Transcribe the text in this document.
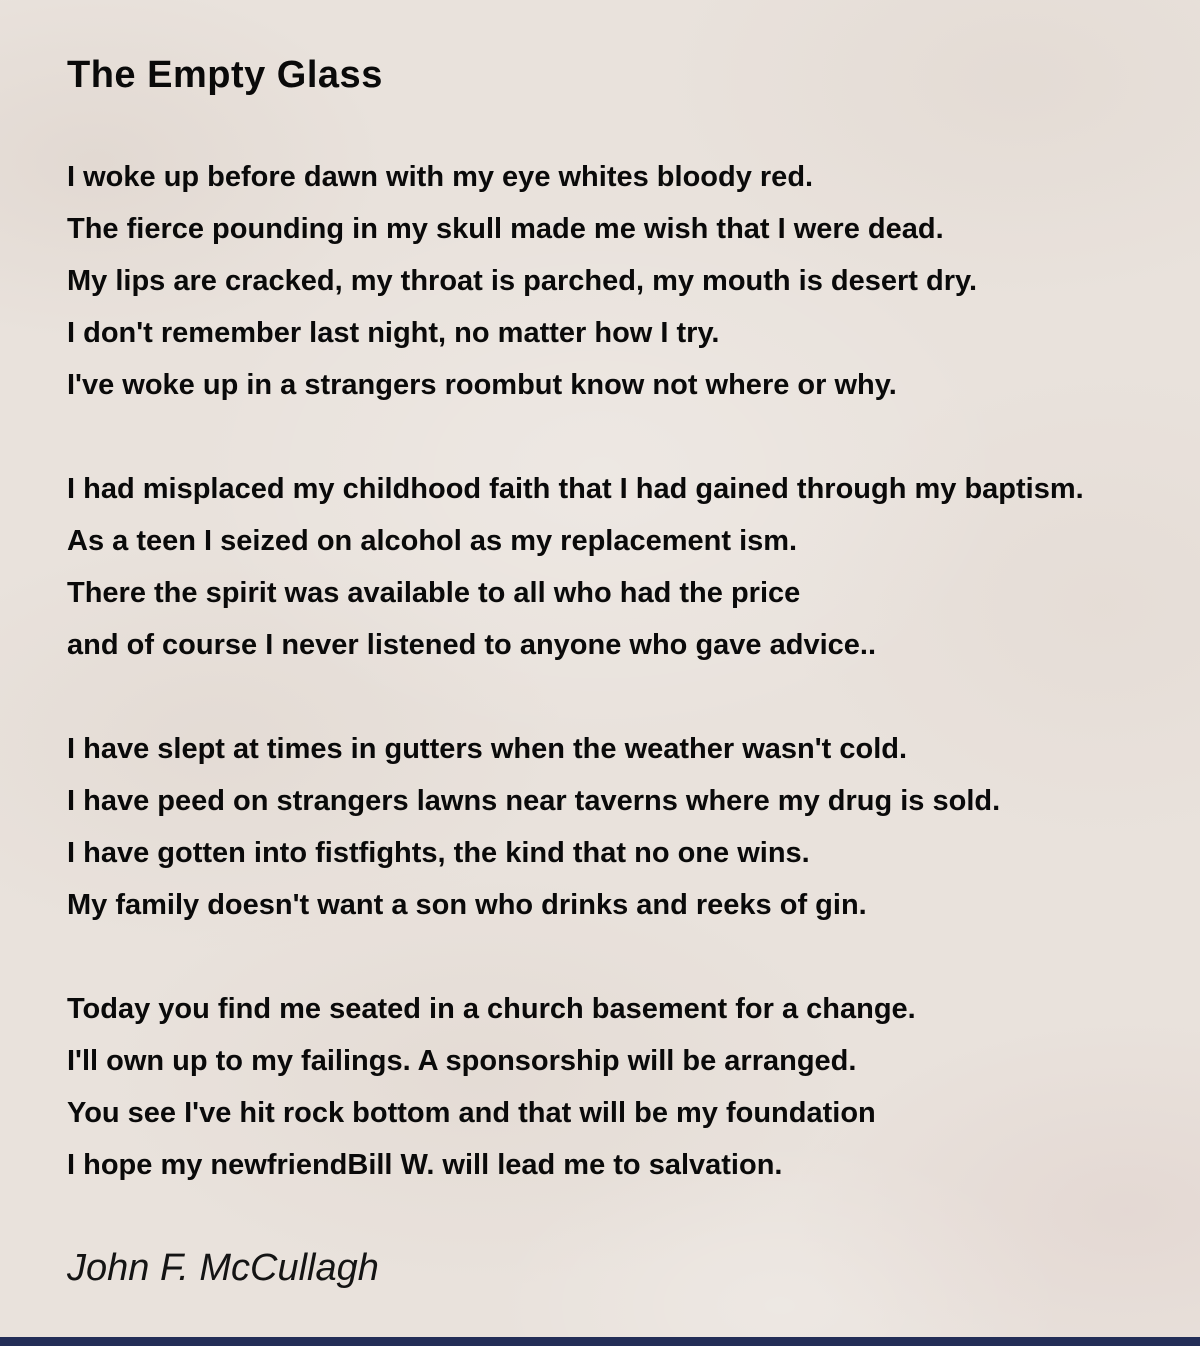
The Empty Glass
I woke up before dawn with my eye whites bloody red.
The fierce pounding in my skull made me wish that I were dead.
My lips are cracked, my throat is parched, my mouth is desert dry.
I don't remember last night, no matter how I try.
I've woke up in a strangers roombut know not where or why.
I had misplaced my childhood faith that I had gained through my baptism.
As a teen I seized on alcohol as my replacement ism.
There the spirit was available to all who had the price
and of course I never listened to anyone who gave advice..
I have slept at times in gutters when the weather wasn't cold.
I have peed on strangers lawns near taverns where my drug is sold.
I have gotten into fistfights, the kind that no one wins.
My family doesn't want a son who drinks and reeks of gin.
Today you find me seated in a church basement for a change.
I'll own up to my failings. A sponsorship will be arranged.
You see I've hit rock bottom and that will be my foundation
I hope my newfriendBill W. will lead me to salvation.
John F. McCullagh
